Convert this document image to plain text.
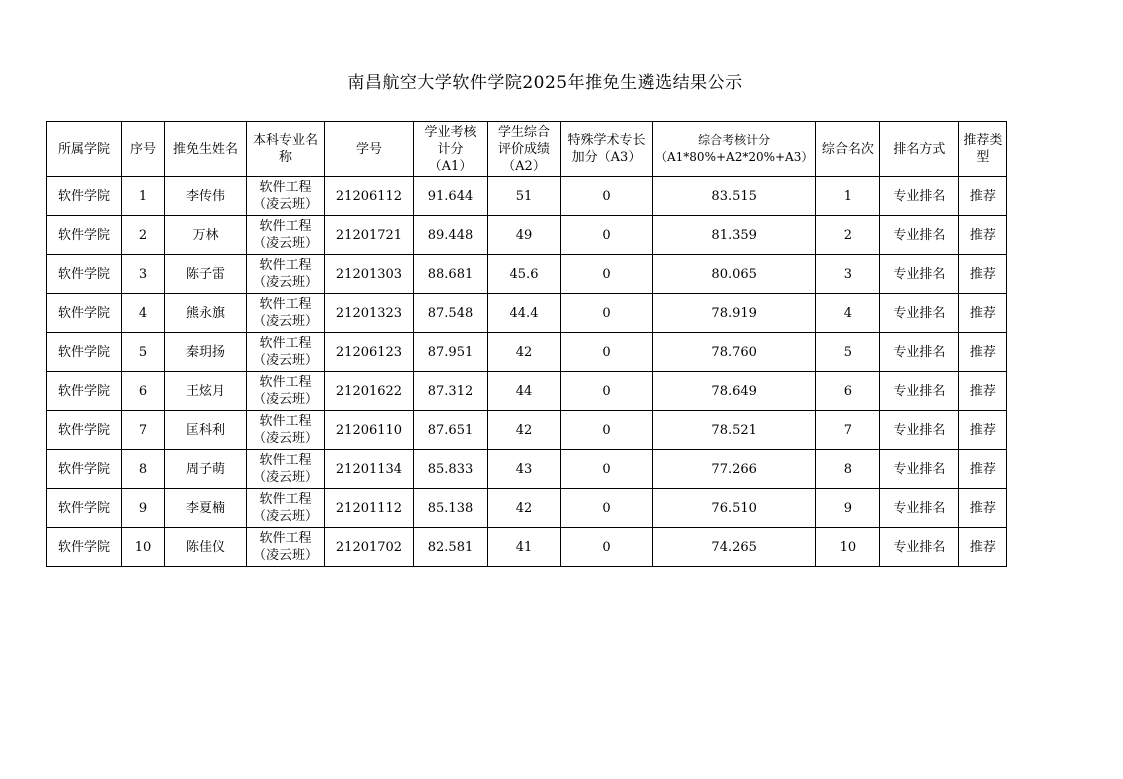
南昌航空大学软件学院2025年推免生遴选结果公示
所属学院	序号	推免生姓名	本科专业名
称	学号	学业考核
计分
（A1）	学生综合
评价成绩
（A2）	特殊学术专长
加分（A3）	综合考核计分
（A1*80%+A2*20%+A3）	综合名次	排名方式	推荐类
型

软件学院	1	李传伟	软件工程
（凌云班）	21206112	91.644	51	0	83.515	1	专业排名	推荐
软件学院	2	万林	软件工程
（凌云班）	21201721	89.448	49	0	81.359	2	专业排名	推荐
软件学院	3	陈子雷	软件工程
（凌云班）	21201303	88.681	45.6	0	80.065	3	专业排名	推荐
软件学院	4	熊永旗	软件工程
（凌云班）	21201323	87.548	44.4	0	78.919	4	专业排名	推荐
软件学院	5	秦玥扬	软件工程
（凌云班）	21206123	87.951	42	0	78.760	5	专业排名	推荐
软件学院	6	王炫月	软件工程
（凌云班）	21201622	87.312	44	0	78.649	6	专业排名	推荐
软件学院	7	匡科利	软件工程
（凌云班）	21206110	87.651	42	0	78.521	7	专业排名	推荐
软件学院	8	周子萌	软件工程
（凌云班）	21201134	85.833	43	0	77.266	8	专业排名	推荐
软件学院	9	李夏楠	软件工程
（凌云班）	21201112	85.138	42	0	76.510	9	专业排名	推荐
软件学院	10	陈佳仪	软件工程
（凌云班）	21201702	82.581	41	0	74.265	10	专业排名	推荐
